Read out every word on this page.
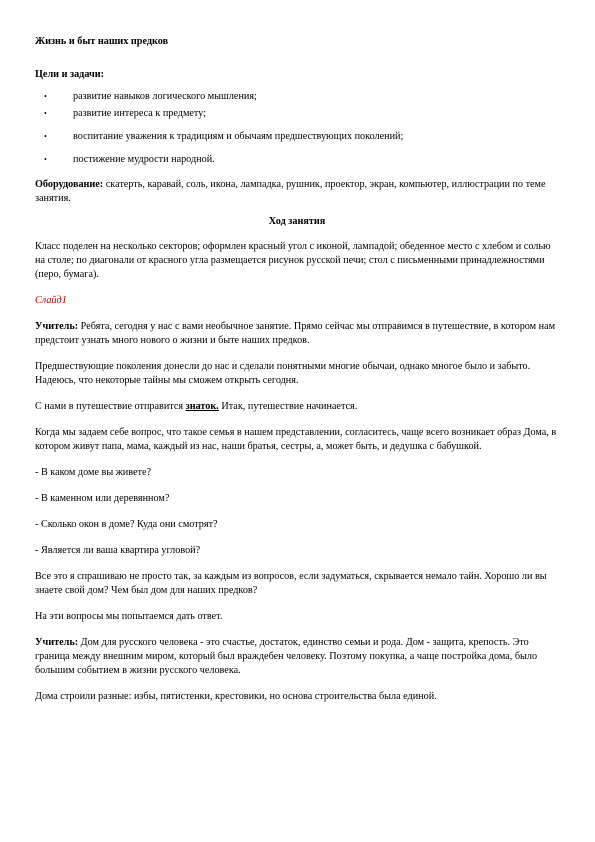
Жизнь и быт наших предков

Цели и задачи:

•	развитие навыков логического мышления;
•	развитие интереса к предмету;
•	воспитание уважения к традициям и обычаям предшествующих поколений;
•	постижение мудрости народной.

Оборудование: скатерть, каравай, соль, икона, лампадка, рушник, проектор, экран, компьютер, иллюстрации по теме занятия.

Ход занятия

Класс поделен на несколько секторов; оформлен красный угол с иконой, лампадой; обеденное место с хлебом и солью на столе; по диагонали от красного угла размещается рисунок русской печи; стол с письменными принадлежностями (перо, бумага).

Слайд1

Учитель: Ребята, сегодня у нас с вами необычное занятие. Прямо сейчас мы отправимся в путешествие, в котором нам предстоит узнать много нового о жизни и быте наших предков.

Предшествующие поколения донесли до нас и сделали понятными многие обычаи, однако многое было и забыто. Надеюсь, что некоторые тайны мы сможем открыть сегодня.

С нами в путешествие отправится знаток. Итак, путешествие начинается.

Когда мы задаем себе вопрос, что такое семья в нашем представлении, согласитесь, чаще всего возникает образ Дома, в котором живут папа, мама, каждый из нас, наши братья, сестры, а, может быть, и дедушка с бабушкой.

- В каком доме вы живете?

- В каменном или деревянном?

- Сколько окон в доме? Куда они смотрят?

- Является ли ваша квартира угловой?

Все это я спрашиваю не просто так, за каждым из вопросов, если задуматься, скрывается немало тайн. Хорошо ли вы знаете свой дом? Чем был дом для наших предков?

На эти вопросы мы попытаемся дать ответ.

Учитель: Дом для русского человека - это счастье, достаток, единство семьи и рода. Дом - защита, крепость. Это граница между внешним миром, который был враждебен человеку. Поэтому покупка, а чаще постройка дома, было большим событием в жизни русского человека.

Дома строили разные: избы, пятистенки, крестовики, но основа строительства была единой.
